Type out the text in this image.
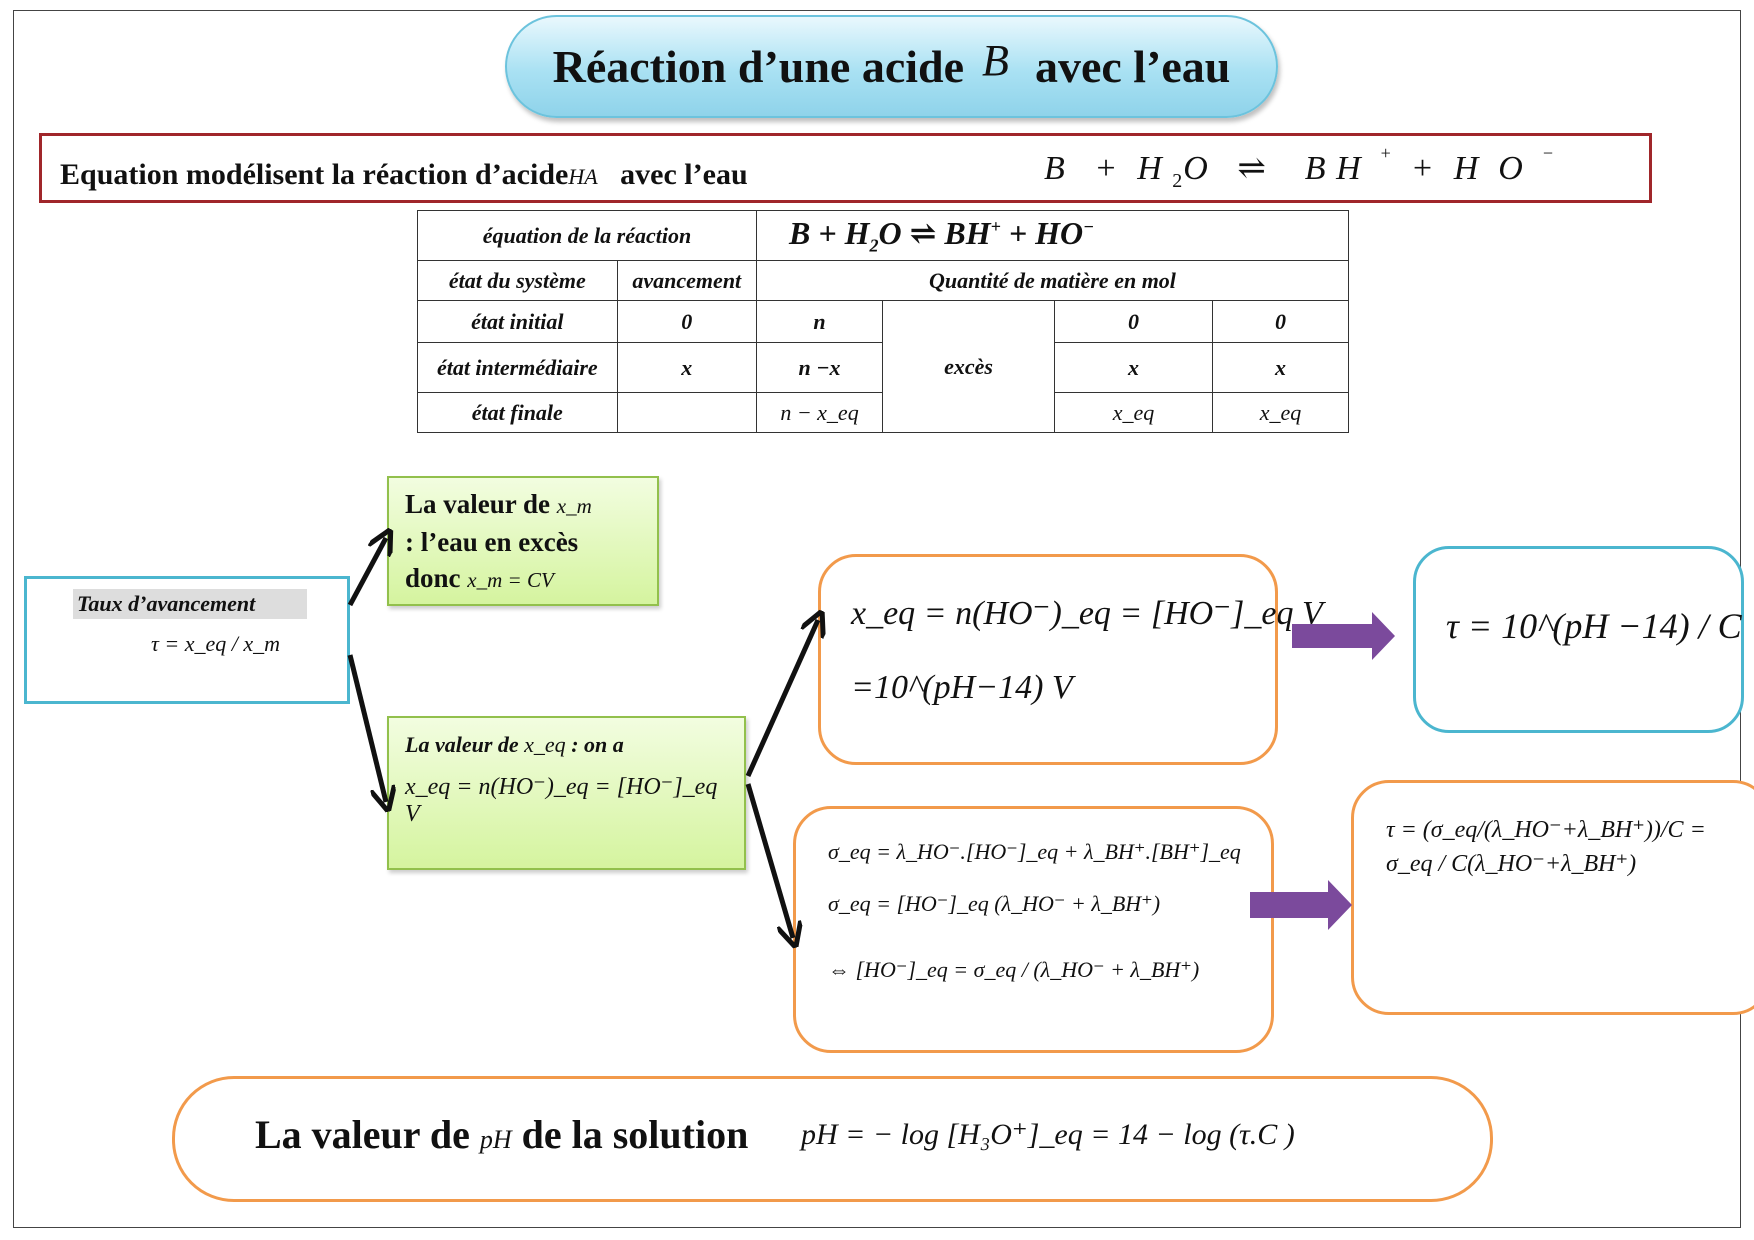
Réaction d’une acide B avec l’eau
Equation modélisent la réaction d’acideHA avec l’eau	B   +  H $_2$O   ⇌    B H  +  +  H  O  −
équation de la réaction		$B + H_2O$ ⇌ BH+ + HO−
état du système	avancement	Quantité de matière en mol			
état initial	0	n	excès	0	0
état intermédiaire	x	n −x		x	x
état finale		n − x_eq		x_eq	x_eq
Taux d’avancement
τ = x_eq / x_m
La valeur de x_m
: l’eau en excès
donc x_m = CV
La valeur de x_eq : on a
x_eq = n(HO⁻)_eq = [HO⁻]_eq V
x_eq = n(HO⁻)_eq = [HO⁻]_eq V
=10^(pH−14) V
τ = 10^(pH −14) / C
σ_eq = λ_HO⁻.[HO⁻]_eq + λ_BH⁺.[BH⁺]_eq
σ_eq = [HO⁻]_eq (λ_HO⁻ + λ_BH⁺)
⇔ [HO⁻]_eq = σ_eq / (λ_HO⁻ + λ_BH⁺)
τ = (σ_eq/(λ_HO⁻+λ_BH⁺))/C = σ_eq / C(λ_HO⁻+λ_BH⁺)
La valeur de pH de la solution pH = − log [H₃O⁺]_eq = 14 − log (τ.C )
